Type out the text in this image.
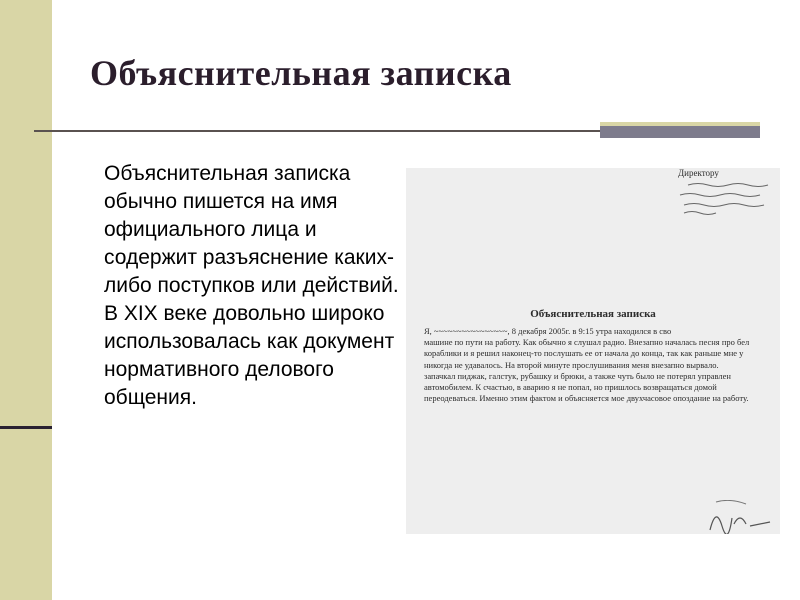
Объяснительная записка
Объяснительная записка обычно пишется на имя официального лица и содержит разъяснение каких-либо поступков или действий. В XIX веке довольно широко использовалась как документ нормативного делового общения.
Директору
Объяснительная записка
Я, ~~~~~~~~~~~~~~~~, 8 декабря 2005г. в 9:15 утра находился в сво
машине по пути на работу. Как обычно я слушал радио. Внезапно началась песня про бел
кораблики и я решил наконец-то послушать ее от начала до конца, так как раньше мне у
никогда не удавалось. На второй минуте прослушивания меня внезапно вырвало.
запачкал пиджак, галстук, рубашку и брюки, а также чуть было не потерял управлен
автомобилем. К счастью, в аварию я не попал, но пришлось возвращаться домой
переодеваться. Именно этим фактом и объясняется мое двухчасовое опоздание на работу.
